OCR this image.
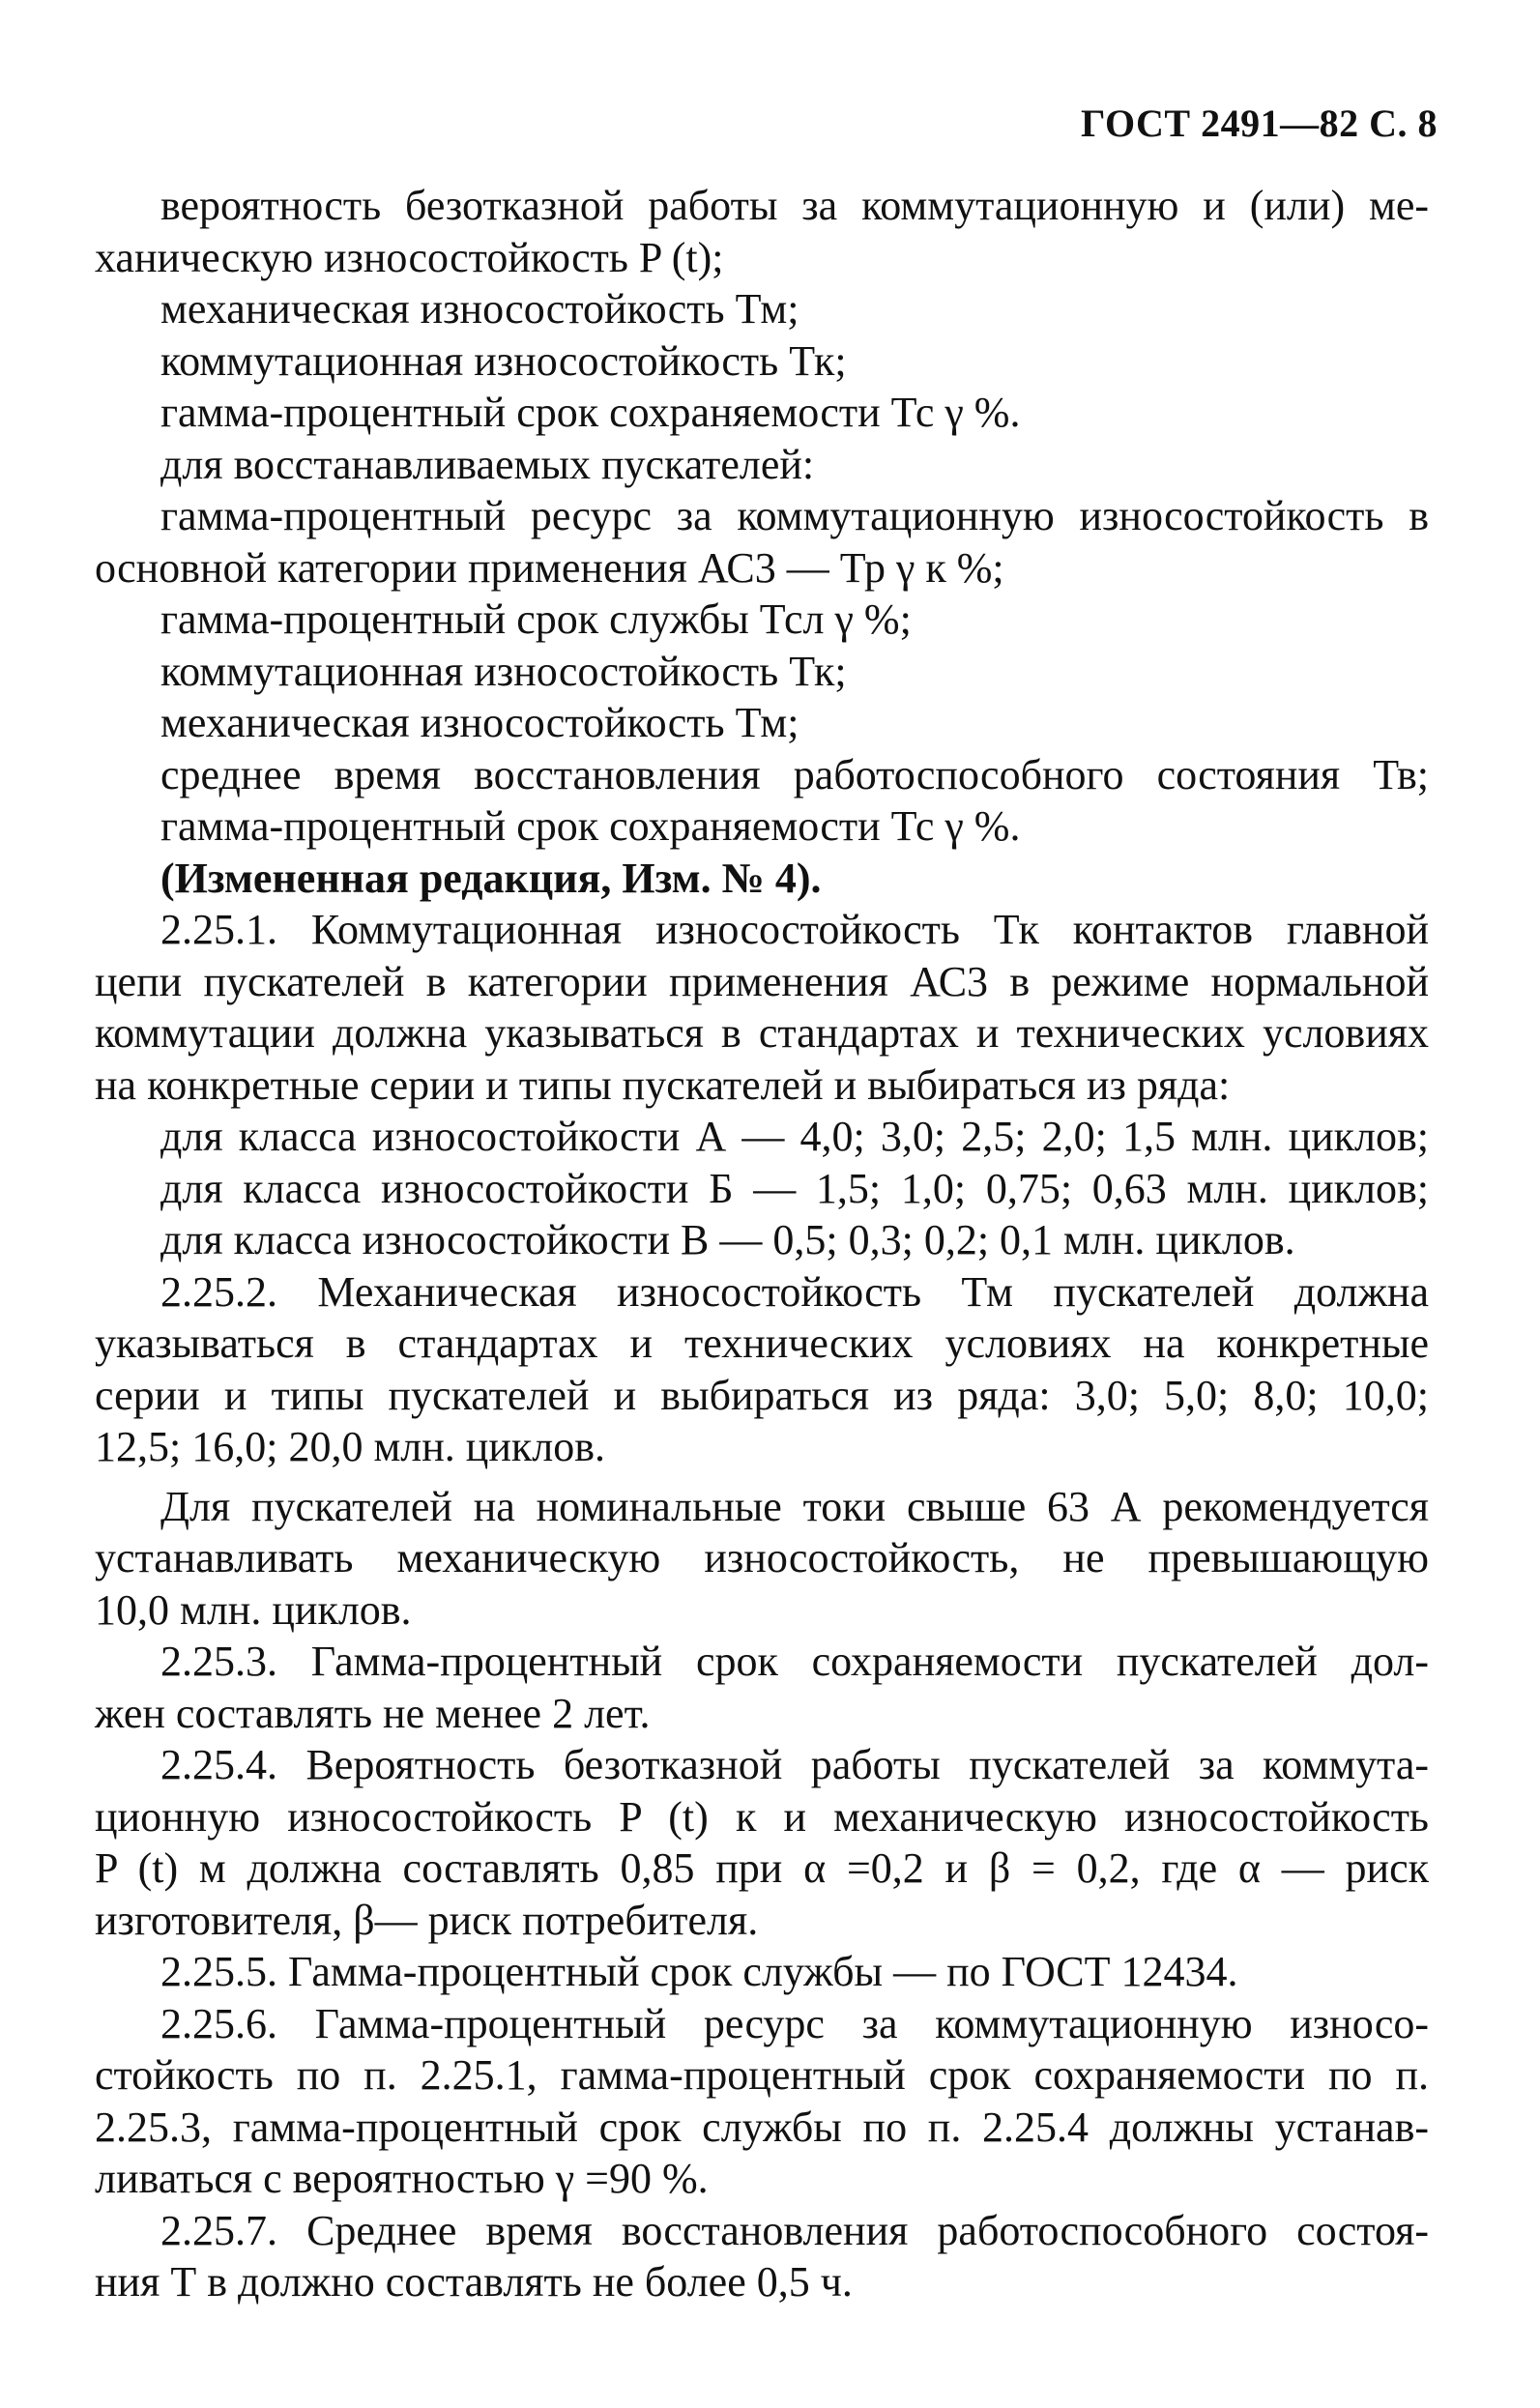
ГОСТ 2491—82 С. 8
вероятность безотказной работы за коммутационную и (или) ме-
ханическую износостойкость P (t);
механическая износостойкость Тм;
коммутационная износостойкость Тк;
гамма-процентный срок сохраняемости Тс γ %.
для восстанавливаемых пускателей:
гамма-процентный ресурс за коммутационную износостойкость в
основной категории применения АС3 — Тр γ к %;
гамма-процентный срок службы Тсл γ %;
коммутационная износостойкость Тк;
механическая износостойкость Тм;
среднее время восстановления работоспособного состояния Тв;
гамма-процентный срок сохраняемости Тс γ %.
(Измененная редакция, Изм. № 4).
2.25.1. Коммутационная износостойкость Тк контактов главной
цепи пускателей в категории применения АС3 в режиме нормальной
коммутации должна указываться в стандартах и технических условиях
на конкретные серии и типы пускателей и выбираться из ряда:
для класса износостойкости А — 4,0; 3,0; 2,5; 2,0; 1,5 млн. циклов;
для класса износостойкости Б — 1,5; 1,0; 0,75; 0,63 млн. циклов;
для класса износостойкости В — 0,5; 0,3; 0,2; 0,1 млн. циклов.
2.25.2. Механическая износостойкость Тм пускателей должна
указываться в стандартах и технических условиях на конкретные
серии и типы пускателей и выбираться из ряда: 3,0; 5,0; 8,0; 10,0;
12,5; 16,0; 20,0 млн. циклов.
Для пускателей на номинальные токи свыше 63 А рекомендуется
устанавливать механическую износостойкость, не превышающую
10,0 млн. циклов.
2.25.3. Гамма-процентный срок сохраняемости пускателей дол-
жен составлять не менее 2 лет.
2.25.4. Вероятность безотказной работы пускателей за коммута-
ционную износостойкость P (t) к и механическую износостойкость
P (t) м должна составлять 0,85 при α =0,2 и β = 0,2, где α — риск
изготовителя, β— риск потребителя.
2.25.5. Гамма-процентный срок службы — по ГОСТ 12434.
2.25.6. Гамма-процентный ресурс за коммутационную износо-
стойкость по п. 2.25.1, гамма-процентный срок сохраняемости по п.
2.25.3, гамма-процентный срок службы по п. 2.25.4 должны устанав-
ливаться с вероятностью γ =90 %.
2.25.7. Среднее время восстановления работоспособного состоя-
ния Т в должно составлять не более 0,5 ч.
